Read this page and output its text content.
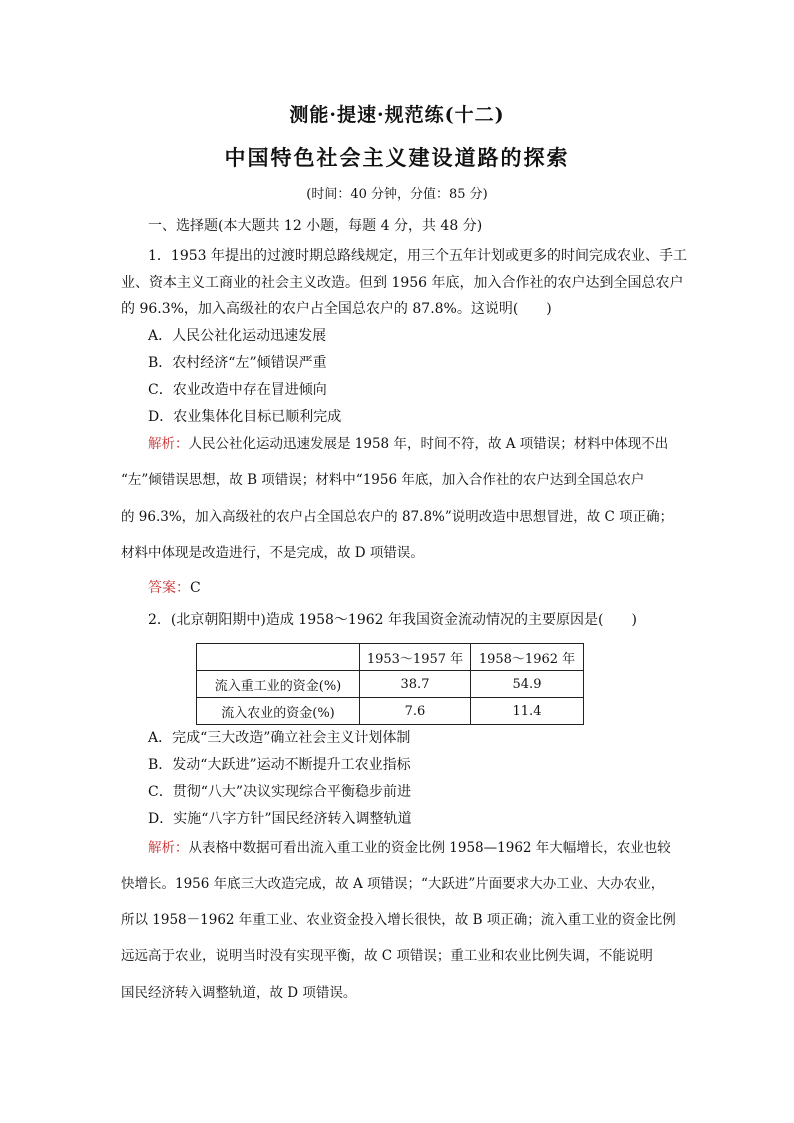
测能·提速·规范练(十二)
中国特色社会主义建设道路的探索
(时间：40 分钟，分值：85 分)
一、选择题(本大题共 12 小题，每题 4 分，共 48 分)
1．1953 年提出的过渡时期总路线规定，用三个五年计划或更多的时间完成农业、手工
业、资本主义工商业的社会主义改造。但到 1956 年底，加入合作社的农户达到全国总农户
的 96.3%，加入高级社的农户占全国总农户的 87.8%。这说明(　　)
A．人民公社化运动迅速发展
B．农村经济“左”倾错误严重
C．农业改造中存在冒进倾向
D．农业集体化目标已顺利完成
解析：人民公社化运动迅速发展是 1958 年，时间不符，故 A 项错误；材料中体现不出
“左”倾错误思想，故 B 项错误；材料中“1956 年底，加入合作社的农户达到全国总农户
的 96.3%，加入高级社的农户占全国总农户的 87.8%”说明改造中思想冒进，故 C 项正确；
材料中体现是改造进行，不是完成，故 D 项错误。
答案：C
2．(北京朝阳期中)造成 1958～1962 年我国资金流动情况的主要原因是(　　)
	1953～1957 年	1958～1962 年
流入重工业的资金(%)	38.7	54.9
流入农业的资金(%)	7.6	11.4
A．完成“三大改造”确立社会主义计划体制
B．发动“大跃进”运动不断提升工农业指标
C．贯彻“八大”决议实现综合平衡稳步前进
D．实施“八字方针”国民经济转入调整轨道
解析：从表格中数据可看出流入重工业的资金比例 1958—1962 年大幅增长，农业也较
快增长。1956 年底三大改造完成，故 A 项错误；“大跃进”片面要求大办工业、大办农业，
所以 1958－1962 年重工业、农业资金投入增长很快，故 B 项正确；流入重工业的资金比例
远远高于农业，说明当时没有实现平衡，故 C 项错误；重工业和农业比例失调，不能说明
国民经济转入调整轨道，故 D 项错误。
